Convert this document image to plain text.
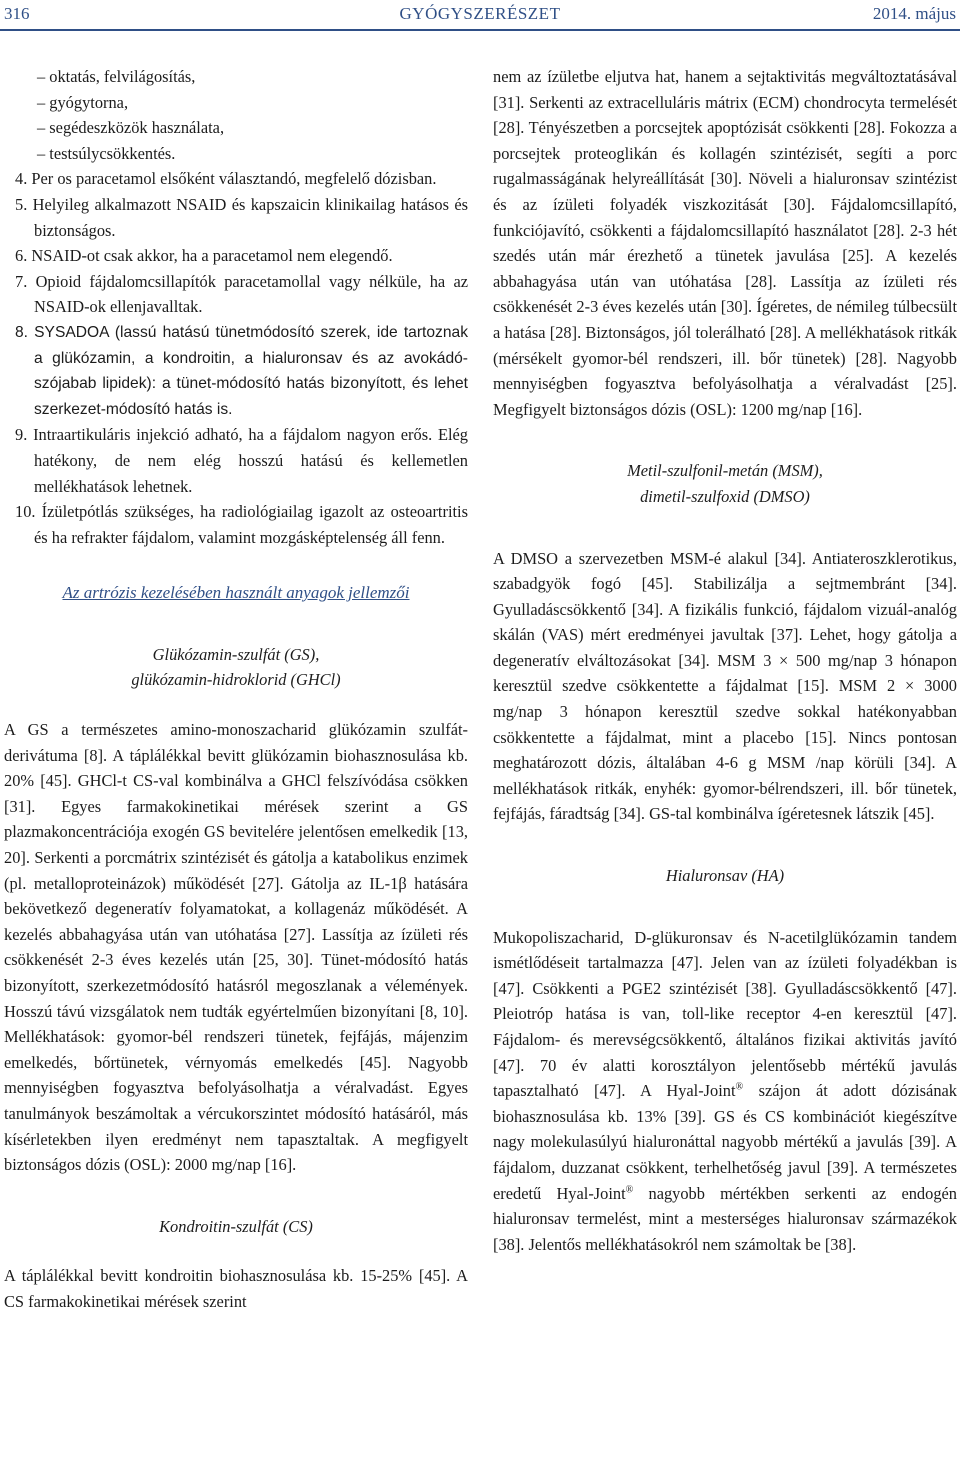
GYÓGYSZERÉSZET
316	2014. május

– oktatás, felvilágosítás,

– gyógytorna,

– segédeszközök használata,

– testsúlycsökkentés.

4. Per os paracetamol elsőként választandó, megfelelő dózisban.

5. Helyileg alkalmazott NSAID és kapszaicin klinikailag hatásos és biztonságos.

6. NSAID-ot csak akkor, ha a paracetamol nem elegendő.

7. Opioid fájdalomcsillapítók paracetamollal vagy nélküle, ha az NSAID-ok ellenjavalltak.

8. SYSADOA (lassú hatású tünetmódosító szerek, ide tartoznak a glükózamin, a kondroitin, a hialuronsav és az avokádó-szójabab lipidek): a tünet-módosító hatás bizonyított, és lehet szerkezet-módosító hatás is.

9. Intraartikuláris injekció adható, ha a fájdalom nagyon erős. Elég hatékony, de nem elég hosszú hatású és kellemetlen mellékhatások lehetnek.

10. Ízületpótlás szükséges, ha radiológiailag igazolt az osteoartritis és ha refrakter fájdalom, valamint mozgásképtelenség áll fenn.

Az artrózis kezelésében használt anyagok jellemzői

Glükózamin-szulfát (GS),

glükózamin-hidroklorid (GHCl)

A GS a természetes amino-monoszacharid glükózamin szulfát-derivátuma [8]. A táplálékkal bevitt glükózamin biohasznosulása kb. 20% [45]. GHCl-t CS-val kombinálva a GHCl felszívódása csökken [31]. Egyes farmakokinetikai mérések szerint a GS plazmakoncentrációja exogén GS bevitelére jelentősen emelkedik [13, 20]. Serkenti a porcmátrix szintézisét és gátolja a katabolikus enzimek (pl. metalloproteinázok) működését [27]. Gátolja az IL-1β hatására bekövetkező degeneratív folyamatokat, a kollagenáz működését. A kezelés abbahagyása után van utóhatása [27]. Lassítja az ízületi rés csökkenését 2-3 éves kezelés után [25, 30]. Tünet-módosító hatás bizonyított, szerkezetmódosító hatásról megoszlanak a vélemények. Hosszú távú vizsgálatok nem tudták egyértelműen bizonyítani [8, 10]. Mellékhatások: gyomor-bél rendszeri tünetek, fejfájás, májenzim emelkedés, bőrtünetek, vérnyomás emelkedés [45]. Nagyobb mennyiségben fogyasztva befolyásolhatja a véralvadást. Egyes tanulmányok beszámoltak a vércukorszintet módosító hatásáról, más kísérletekben ilyen eredményt nem tapasztaltak. A megfigyelt biztonságos dózis (OSL): 2000 mg/nap [16].

Kondroitin-szulfát (CS)

A táplálékkal bevitt kondroitin biohasznosulása kb. 15-25% [45]. A CS farmakokinetikai mérések szerint

nem az ízületbe eljutva hat, hanem a sejtaktivitás megváltoztatásával [31]. Serkenti az extracelluláris mátrix (ECM) chondrocyta termelését [28]. Tényészetben a porcsejtek apoptózisát csökkenti [28]. Fokozza a porcsejtek proteoglikán és kollagén szintézisét, segíti a porc rugalmasságának helyreállítását [30]. Növeli a hialuronsav szintézist és az ízületi folyadék viszkozitását [30]. Fájdalomcsillapító, funkciójavító, csökkenti a fájdalomcsillapító használatot [28]. 2-3 hét szedés után már érezhető a tünetek javulása [25]. A kezelés abbahagyása után van utóhatása [28]. Lassítja az ízületi rés csökkenését 2-3 éves kezelés után [30]. Ígéretes, de némileg túlbecsült a hatása [28]. Biztonságos, jól tolerálható [28]. A mellékhatások ritkák (mérsékelt gyomor-bél rendszeri, ill. bőr tünetek) [28]. Nagyobb mennyiségben fogyasztva befolyásolhatja a véralvadást [25]. Megfigyelt biztonságos dózis (OSL): 1200 mg/nap [16].

Metil-szulfonil-metán (MSM),

dimetil-szulfoxid (DMSO)

A DMSO a szervezetben MSM-é alakul [34]. Antiateroszklerotikus, szabadgyök fogó [45]. Stabilizálja a sejtmembránt [34]. Gyulladáscsökkentő [34]. A fizikális funkció, fájdalom vizuál-analóg skálán (VAS) mért eredményei javultak [37]. Lehet, hogy gátolja a degeneratív elváltozásokat [34]. MSM 3 × 500 mg/nap 3 hónapon keresztül szedve csökkentette a fájdalmat [15]. MSM 2 × 3000 mg/nap 3 hónapon keresztül szedve sokkal hatékonyabban csökkentette a fájdalmat, mint a placebo [15]. Nincs pontosan meghatározott dózis, általában 4-6 g MSM /nap körüli [34]. A mellékhatások ritkák, enyhék: gyomor-bélrendszeri, ill. bőr tünetek, fejfájás, fáradtság [34]. GS-tal kombinálva ígéretesnek látszik [45].

Hialuronsav (HA)

Mukopoliszacharid, D-glükuronsav és N-acetilglükózamin tandem ismétlődéseit tartalmazza [47]. Jelen van az ízületi folyadékban is [47]. Csökkenti a PGE2 szintézisét [38]. Gyulladáscsökkentő [47]. Pleiotróp hatása is van, toll-like receptor 4-en keresztül [47]. Fájdalom- és merevségcsökkentő, általános fizikai aktivitás javító [47]. 70 év alatti korosztályon jelentősebb mértékű javulás tapasztalható [47]. A Hyal-Joint® szájon át adott dózisának biohasznosulása kb. 13% [39]. GS és CS kombinációt kiegészítve nagy molekulasúlyú hialuronáttal nagyobb mértékű a javulás [39]. A fájdalom, duzzanat csökkent, terhelhetőség javul [39]. A természetes eredetű Hyal-Joint® nagyobb mértékben serkenti az endogén hialuronsav termelést, mint a mesterséges hialuronsav származékok [38]. Jelentős mellékhatásokról nem számoltak be [38].
